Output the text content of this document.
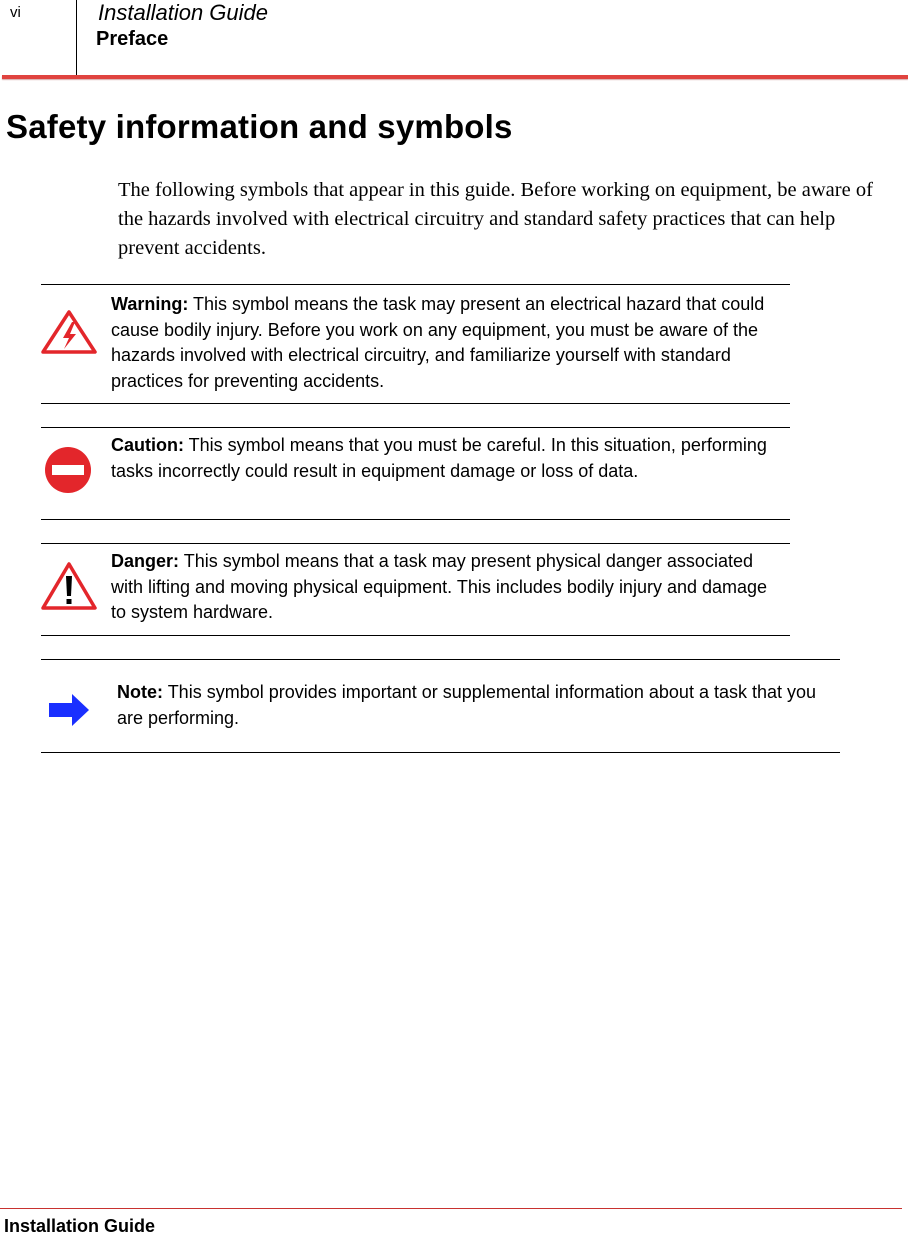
vi	Installation Guide
Preface
Safety information and symbols

The following symbols that appear in this guide. Before working on equipment, be aware of the hazards involved with electrical circuitry and standard safety practices that can help prevent accidents.

Warning: This symbol means the task may present an electrical hazard that could cause bodily injury. Before you work on any equipment, you must be aware of the hazards involved with electrical circuitry, and familiarize yourself with standard practices for preventing accidents.

Caution: This symbol means that you must be careful. In this situation, performing tasks incorrectly could result in equipment damage or loss of data.

Danger: This symbol means that a task may present physical danger associated with lifting and moving physical equipment. This includes bodily injury and damage to system hardware.

Note: This symbol provides important or supplemental information about a task that you are performing.

Installation Guide
